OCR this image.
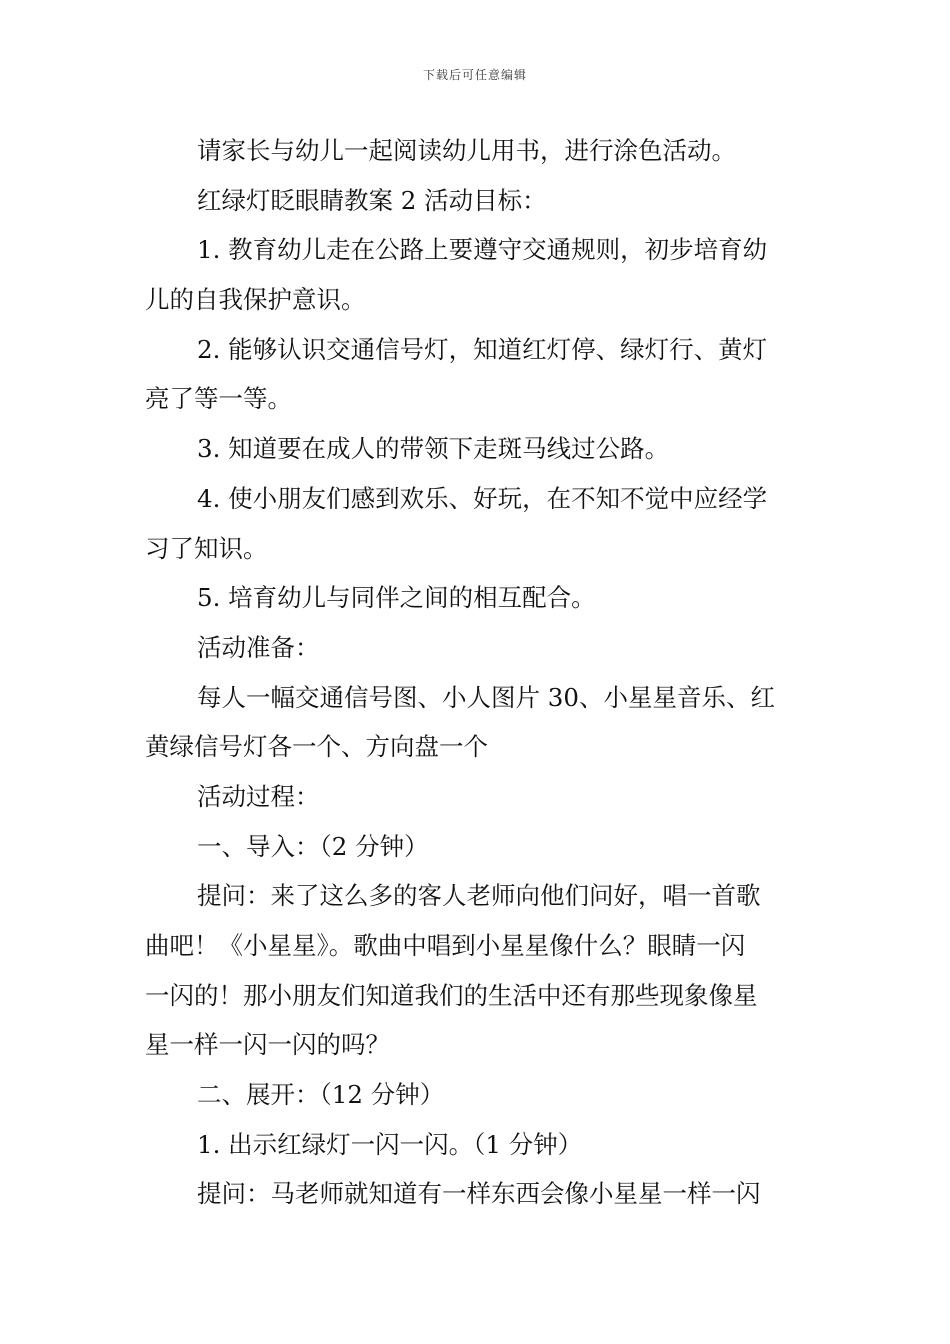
下载后可任意编辑
请家长与幼儿一起阅读幼儿用书，进行涂色活动。
红绿灯眨眼睛教案 2 活动目标：
1. 教育幼儿走在公路上要遵守交通规则，初步培育幼
儿的自我保护意识。
2. 能够认识交通信号灯，知道红灯停、绿灯行、黄灯
亮了等一等。
3. 知道要在成人的带领下走斑马线过公路。
4. 使小朋友们感到欢乐、好玩，在不知不觉中应经学
习了知识。
5. 培育幼儿与同伴之间的相互配合。
活动准备：
每人一幅交通信号图、小人图片 30、小星星音乐、红
黄绿信号灯各一个、方向盘一个
活动过程：
一、导入：（2 分钟）
提问：来了这么多的客人老师向他们问好，唱一首歌
曲吧！《小星星》。歌曲中唱到小星星像什么？眼睛一闪
一闪的！那小朋友们知道我们的生活中还有那些现象像星
星一样一闪一闪的吗？
二、展开：（12 分钟）
1. 出示红绿灯一闪一闪。（1 分钟）
提问：马老师就知道有一样东西会像小星星一样一闪
